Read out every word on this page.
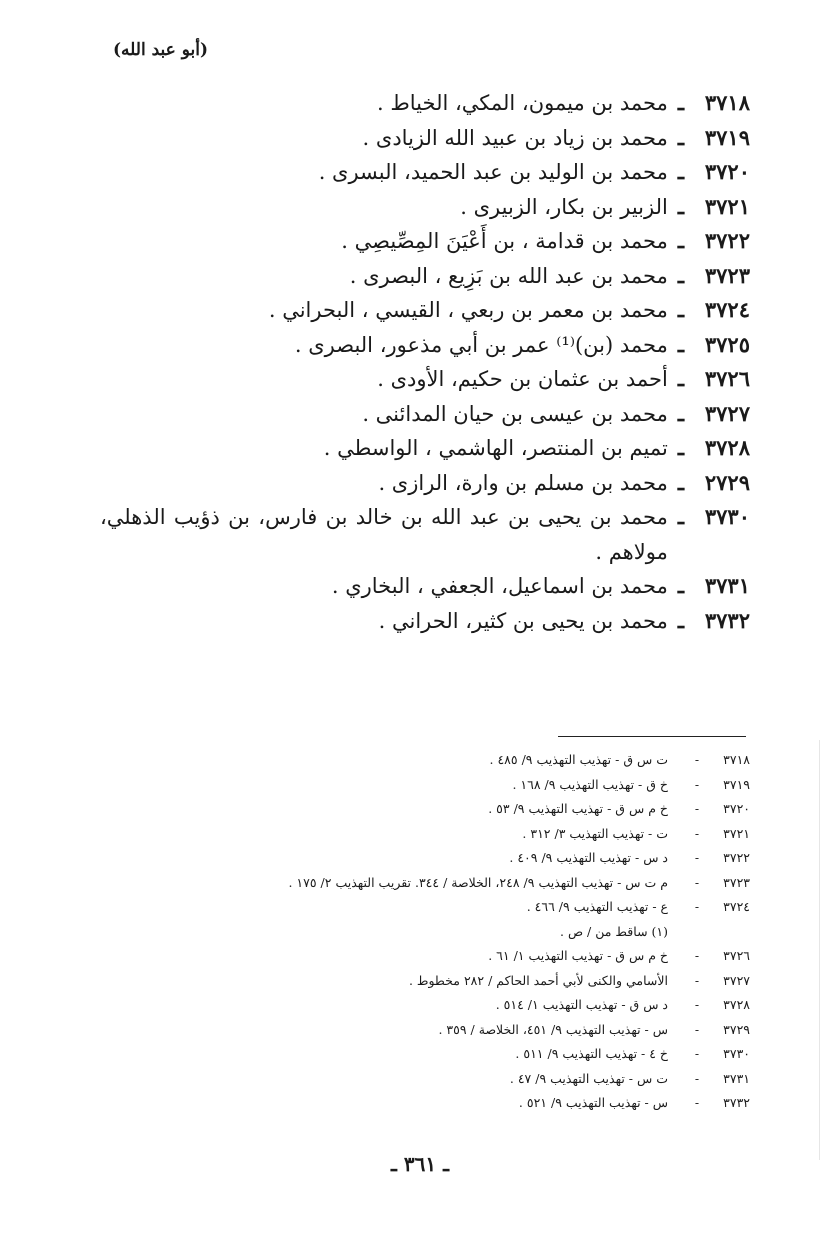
(أبو عبد الله)
٣٧١٨
ـ
محمد بن ميمون، المكي، الخياط .
٣٧١٩
ـ
محمد بن زياد بن عبيد الله الزيادى .
٣٧٢٠
ـ
محمد بن الوليد بن عبد الحميد، البسرى .
٣٧٢١
ـ
الزبير بن بكار، الزبيرى .
٣٧٢٢
ـ
محمد بن قدامة ، بن أَعْيَنَ المِصِّيصِي .
٣٧٢٣
ـ
محمد بن عبد الله بن بَزِيع ، البصرى .
٣٧٢٤
ـ
محمد بن معمر بن ربعي ، القيسي ، البحراني .
٣٧٢٥
ـ
محمد (بن)⁽¹⁾ عمر بن أبي مذعور، البصرى .
٣٧٢٦
ـ
أحمد بن عثمان بن حكيم، الأودى .
٣٧٢٧
ـ
محمد بن عيسى بن حيان المدائنى .
٣٧٢٨
ـ
تميم بن المنتصر، الهاشمي ، الواسطي .
٢٧٢٩
ـ
محمد بن مسلم بن وارة، الرازى .
٣٧٣٠
ـ
محمد بن يحيى بن عبد الله بن خالد بن فارس، بن ذؤيب الذهلي، مولاهم .
٣٧٣١
ـ
محمد بن اسماعيل، الجعفي ، البخاري .
٣٧٣٢
ـ
محمد بن يحيى بن كثير، الحراني .
٣٧١٨
-
ت س ق - تهذيب التهذيب ٩/ ٤٨٥ .
٣٧١٩
-
خ ق - تهذيب التهذيب ٩/ ١٦٨ .
٣٧٢٠
-
خ م س ق - تهذيب التهذيب ٩/ ٥٣ .
٣٧٢١
-
ت - تهذيب التهذيب ٣/ ٣١٢ .
٣٧٢٢
-
د س - تهذيب التهذيب ٩/ ٤٠٩ .
٣٧٢٣
-
م ت س - تهذيب التهذيب ٩/ ٢٤٨، الخلاصة / ٣٤٤. تقريب التهذيب ٢/ ١٧٥ .
٣٧٢٤
-
ع - تهذيب التهذيب ٩/ ٤٦٦ .
(١) ساقط من / ص .
٣٧٢٦
-
خ م س ق - تهذيب التهذيب ١/ ٦١ .
٣٧٢٧
-
الأسامي والكنى لأبي أحمد الحاكم / ٢٨٢ مخطوط .
٣٧٢٨
-
د س ق - تهذيب التهذيب ١/ ٥١٤ .
٣٧٢٩
-
س - تهذيب التهذيب ٩/ ٤٥١، الخلاصة / ٣٥٩ .
٣٧٣٠
-
خ ٤ - تهذيب التهذيب ٩/ ٥١١ .
٣٧٣١
-
ت س - تهذيب التهذيب ٩/ ٤٧ .
٣٧٣٢
-
س - تهذيب التهذيب ٩/ ٥٢١ .
ـ ٣٦١ ـ
